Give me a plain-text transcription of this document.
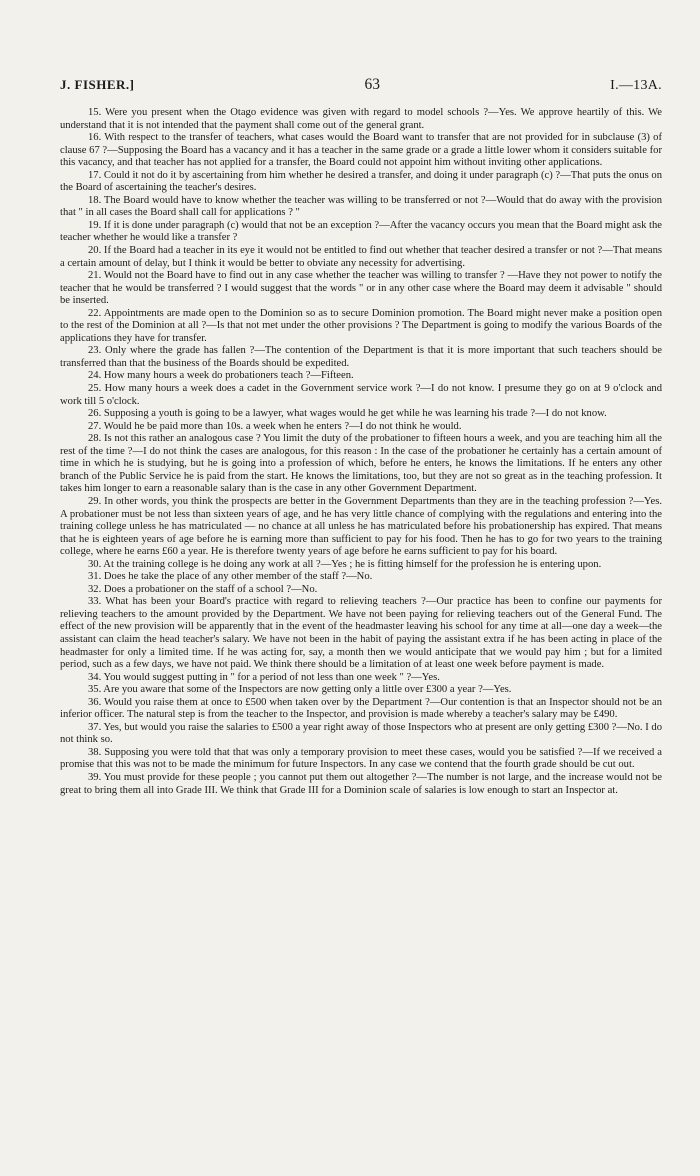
J. FISHER.]	63	I.—13A.

15. Were you present when the Otago evidence was given with regard to model schools ?—Yes. We approve heartily of this. We understand that it is not intended that the payment shall come out of the general grant.

16. With respect to the transfer of teachers, what cases would the Board want to transfer that are not provided for in subclause (3) of clause 67 ?—Supposing the Board has a vacancy and it has a teacher in the same grade or a grade a little lower whom it considers suitable for this vacancy, and that teacher has not applied for a transfer, the Board could not appoint him without inviting other applications.

17. Could it not do it by ascertaining from him whether he desired a transfer, and doing it under paragraph (c) ?—That puts the onus on the Board of ascertaining the teacher's desires.

18. The Board would have to know whether the teacher was willing to be transferred or not ?—Would that do away with the provision that " in all cases the Board shall call for applications ? "

19. If it is done under paragraph (c) would that not be an exception ?—After the vacancy occurs you mean that the Board might ask the teacher whether he would like a transfer ?

20. If the Board had a teacher in its eye it would not be entitled to find out whether that teacher desired a transfer or not ?—That means a certain amount of delay, but I think it would be better to obviate any necessity for advertising.

21. Would not the Board have to find out in any case whether the teacher was willing to transfer ? —Have they not power to notify the teacher that he would be transferred ? I would suggest that the words " or in any other case where the Board may deem it advisable " should be inserted.

22. Appointments are made open to the Dominion so as to secure Dominion promotion. The Board might never make a position open to the rest of the Dominion at all ?—Is that not met under the other provisions ? The Department is going to modify the various Boards of the applications they have for transfer.

23. Only where the grade has fallen ?—The contention of the Department is that it is more important that such teachers should be transferred than that the business of the Boards should be expedited.

24. How many hours a week do probationers teach ?—Fifteen.

25. How many hours a week does a cadet in the Government service work ?—I do not know. I presume they go on at 9 o'clock and work till 5 o'clock.

26. Supposing a youth is going to be a lawyer, what wages would he get while he was learning his trade ?—I do not know.

27. Would he be paid more than 10s. a week when he enters ?—I do not think he would.

28. Is not this rather an analogous case ? You limit the duty of the probationer to fifteen hours a week, and you are teaching him all the rest of the time ?—I do not think the cases are analogous, for this reason : In the case of the probationer he certainly has a certain amount of time in which he is studying, but he is going into a profession of which, before he enters, he knows the limitations. If he enters any other branch of the Public Service he is paid from the start. He knows the limitations, too, but they are not so great as in the teaching profession. It takes him longer to earn a reasonable salary than is the case in any other Government Department.

29. In other words, you think the prospects are better in the Government Departments than they are in the teaching profession ?—Yes. A probationer must be not less than sixteen years of age, and he has very little chance of complying with the regulations and entering into the training college unless he has matriculated — no chance at all unless he has matriculated before his probationership has expired. That means that he is eighteen years of age before he is earning more than sufficient to pay for his food. Then he has to go for two years to the training college, where he earns £60 a year. He is therefore twenty years of age before he earns sufficient to pay for his board.

30. At the training college is he doing any work at all ?—Yes ; he is fitting himself for the profession he is entering upon.

31. Does he take the place of any other member of the staff ?—No.

32. Does a probationer on the staff of a school ?—No.

33. What has been your Board's practice with regard to relieving teachers ?—Our practice has been to confine our payments for relieving teachers to the amount provided by the Department. We have not been paying for relieving teachers out of the General Fund. The effect of the new provision will be apparently that in the event of the headmaster leaving his school for any time at all—one day a week—the assistant can claim the head teacher's salary. We have not been in the habit of paying the assistant extra if he has been acting in place of the headmaster for only a limited time. If he was acting for, say, a month then we would anticipate that we would pay him ; but for a limited period, such as a few days, we have not paid. We think there should be a limitation of at least one week before payment is made.

34. You would suggest putting in " for a period of not less than one week " ?—Yes.

35. Are you aware that some of the Inspectors are now getting only a little over £300 a year ?—Yes.

36. Would you raise them at once to £500 when taken over by the Department ?—Our contention is that an Inspector should not be an inferior officer. The natural step is from the teacher to the Inspector, and provision is made whereby a teacher's salary may be £490.

37. Yes, but would you raise the salaries to £500 a year right away of those Inspectors who at present are only getting £300 ?—No. I do not think so.

38. Supposing you were told that that was only a temporary provision to meet these cases, would you be satisfied ?—If we received a promise that this was not to be made the minimum for future Inspectors. In any case we contend that the fourth grade should be cut out.

39. You must provide for these people ; you cannot put them out altogether ?—The number is not large, and the increase would not be great to bring them all into Grade III. We think that Grade III for a Dominion scale of salaries is low enough to start an Inspector at.
